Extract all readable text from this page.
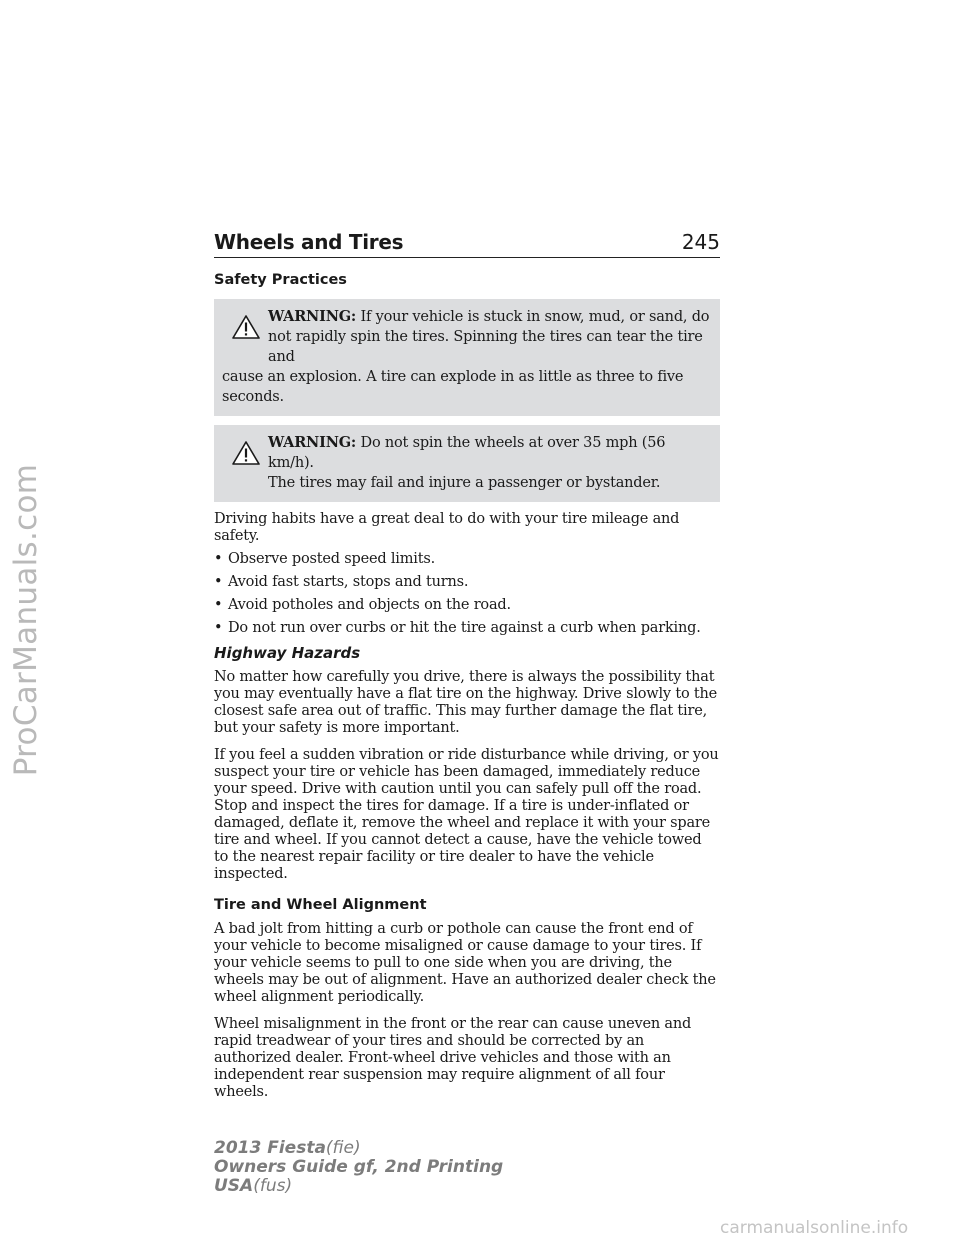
ProCarManuals.com
Wheels and Tires	245
Safety Practices
WARNING: If your vehicle is stuck in snow, mud, or sand, do
not rapidly spin the tires. Spinning the tires can tear the tire and
cause an explosion. A tire can explode in as little as three to five seconds.
WARNING: Do not spin the wheels at over 35 mph (56 km/h).
The tires may fail and injure a passenger or bystander.

Driving habits have a great deal to do with your tire mileage and safety.

• Observe posted speed limits.
• Avoid fast starts, stops and turns.
• Avoid potholes and objects on the road.
• Do not run over curbs or hit the tire against a curb when parking.
Highway Hazards

No matter how carefully you drive, there is always the possibility that you may eventually have a flat tire on the highway. Drive slowly to the closest safe area out of traffic. This may further damage the flat tire, but your safety is more important.

If you feel a sudden vibration or ride disturbance while driving, or you suspect your tire or vehicle has been damaged, immediately reduce your speed. Drive with caution until you can safely pull off the road. Stop and inspect the tires for damage. If a tire is under-inflated or damaged, deflate it, remove the wheel and replace it with your spare tire and wheel. If you cannot detect a cause, have the vehicle towed to the nearest repair facility or tire dealer to have the vehicle inspected.

Tire and Wheel Alignment

A bad jolt from hitting a curb or pothole can cause the front end of your vehicle to become misaligned or cause damage to your tires. If your vehicle seems to pull to one side when you are driving, the wheels may be out of alignment. Have an authorized dealer check the wheel alignment periodically.

Wheel misalignment in the front or the rear can cause uneven and rapid treadwear of your tires and should be corrected by an authorized dealer. Front-wheel drive vehicles and those with an independent rear suspension may require alignment of all four wheels.

2013 Fiesta(fie)
Owners Guide gf, 2nd Printing
USA(fus)
carmanualsonline.info
